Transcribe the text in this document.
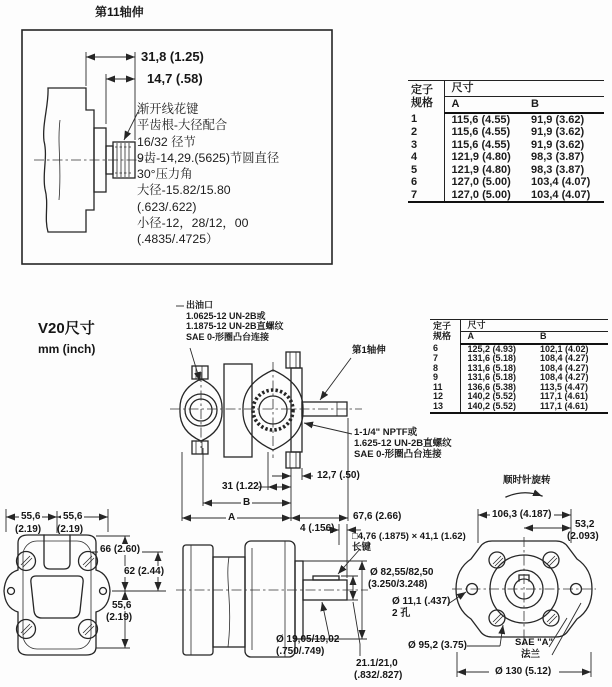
第11轴伸
31,8 (1.25)
14,7 (.58)
渐开线花键
平齿根-大径配合
16/32 径节
9齿-14,29.(5625)节圆直径
30°压力角
大径-15.82/15.80
(.623/.622)
小径-12，28/12，00
(.4835/.4725）
定子
规格	尺寸	
	A	B
1	115,6 (4.55)	91,9 (3.62)
2	115,6 (4.55)	91,9 (3.62)
3	115,6 (4.55)	91,9 (3.62)
4	121,9 (4.80)	98,3 (3.87)
5	121,9 (4.80)	98,3 (3.87)
6	127,0 (5.00)	103,4 (4.07)
7	127,0 (5.00)	103,4 (4.07)
定子
规格	尺寸	
	A	B
6	125,2 (4.93)	102,1 (4.02)
7	131,6 (5.18)	108,4 (4.27)
8	131,6 (5.18)	108,4 (4.27)
9	131,6 (5.18)	108,4 (4.27)
11	136,6 (5.38)	113,5 (4.47)
12	140,2 (5.52)	117,1 (4.61)
13	140,2 (5.52)	117,1 (4.61)
V20尺寸
mm (inch)
出油口
1.0625-12 UN-2B或
1.1875-12 UN-2B直螺纹
SAE 0-形圈凸台连接
第1轴伸
1-1/4" NPTF或
1.625-12 UN-2B直螺纹
SAE 0-形圈凸台连接
12,7 (.50)
31 (1.22)
B
A	67,6 (2.66)
4 (.156)
□4,76 (.1875) × 41,1 (1.62)
长键
55,6
(2.19)
55,6
(2.19)
66 (2.60)
62 (2.44)
55,6
(2.19)
Ø 19,05/19,02
(.750/.749)
21.1/21,0
(.832/.827)
Ø 82,55/82,50
(3.250/3.248)
Ø 11,1 (.437)
2 孔
顺时针旋转
106,3 (4.187)
53,2
(2.093)
Ø 95,2 (3.75)	SAE "A"
法兰
Ø 130 (5.12)
